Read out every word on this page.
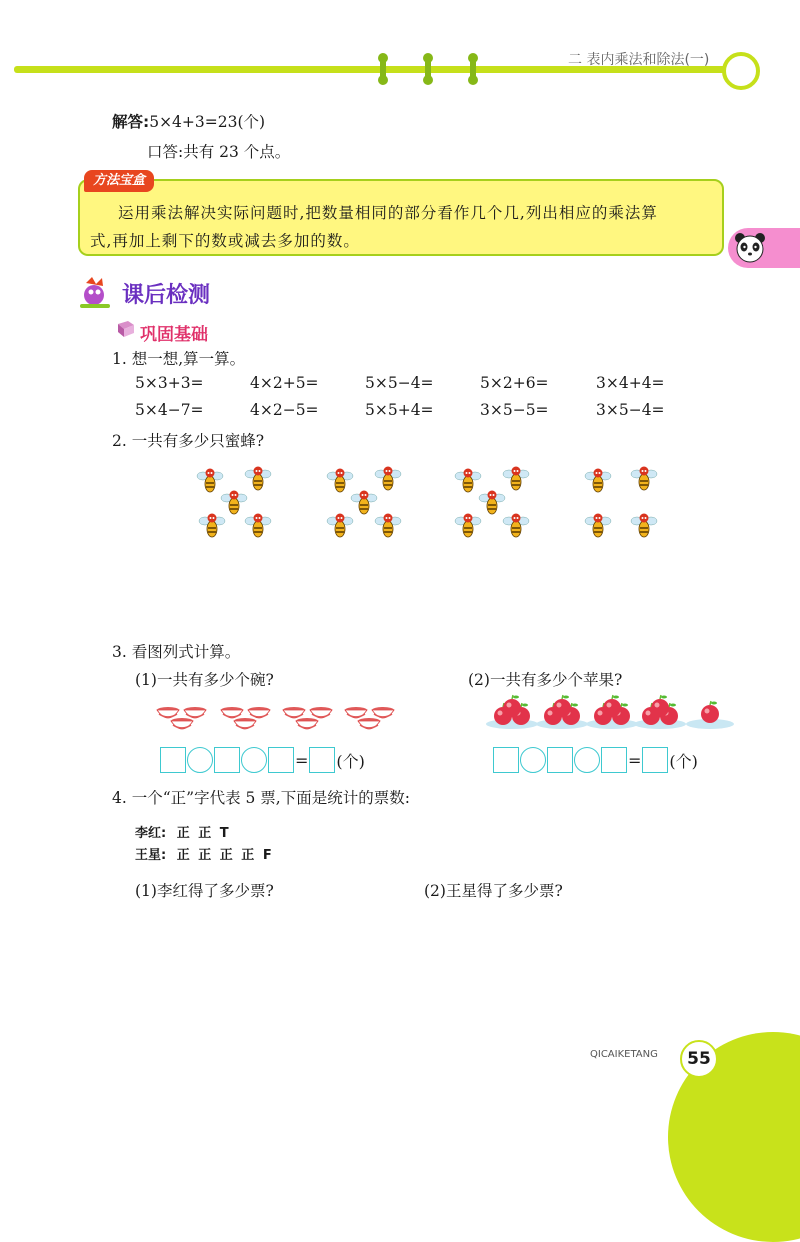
二 表内乘法和除法(一)
解答:5×4+3=23(个)
口答:共有 23 个点。
方法宝盒
运用乘法解决实际问题时,把数量相同的部分看作几个几,列出相应的乘法算
式,再加上剩下的数或减去多加的数。
课后检测
巩固基础
1. 想一想,算一算。
5×3+3=	4×2+5=	5×5−4=	5×2+6=	3×4+4=
5×4−7=	4×2−5=	5×5+4=	3×5−5=	3×5−4=
2. 一共有多少只蜜蜂?
3. 看图列式计算。
(1)一共有多少个碗?	(2)一共有多少个苹果?
= (个)	= (个)
4. 一个“正”字代表 5 票,下面是统计的票数:
李红: 正 正 T
王星: 正 正 正 正 F
(1)李红得了多少票?	(2)王星得了多少票?
QICAIKETANG	55
